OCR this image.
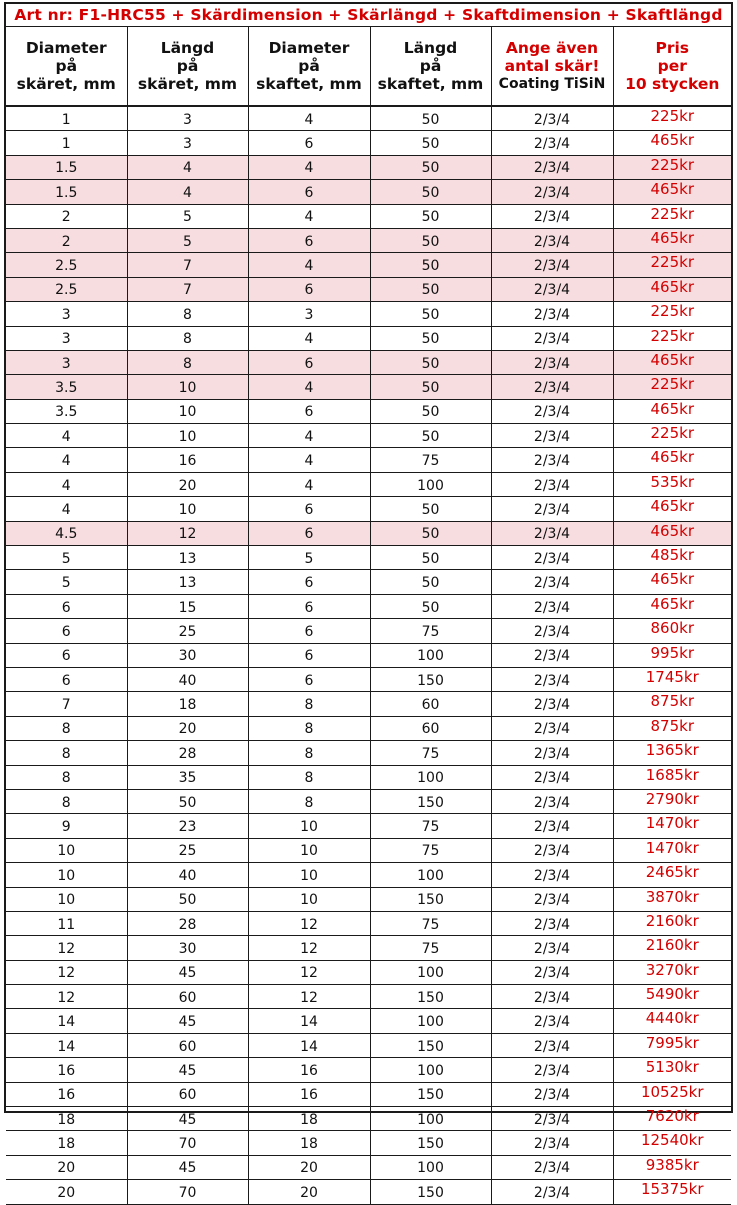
Art nr: F1-HRC55 + Skärdimension + Skärlängd + Skaftdimension + Skaftlängd
Diameter
på
skäret, mm	Längd
på
skäret, mm	Diameter
på
skaftet, mm	Längd
på
skaftet, mm	Ange även
antal skär!
Coating TiSiN	Pris
per
10 stycken

1	3	4	50	2/3/4	225kr
1	3	6	50	2/3/4	465kr
1.5	4	4	50	2/3/4	225kr
1.5	4	6	50	2/3/4	465kr
2	5	4	50	2/3/4	225kr
2	5	6	50	2/3/4	465kr
2.5	7	4	50	2/3/4	225kr
2.5	7	6	50	2/3/4	465kr
3	8	3	50	2/3/4	225kr
3	8	4	50	2/3/4	225kr
3	8	6	50	2/3/4	465kr
3.5	10	4	50	2/3/4	225kr
3.5	10	6	50	2/3/4	465kr
4	10	4	50	2/3/4	225kr
4	16	4	75	2/3/4	465kr
4	20	4	100	2/3/4	535kr
4	10	6	50	2/3/4	465kr
4.5	12	6	50	2/3/4	465kr
5	13	5	50	2/3/4	485kr
5	13	6	50	2/3/4	465kr
6	15	6	50	2/3/4	465kr
6	25	6	75	2/3/4	860kr
6	30	6	100	2/3/4	995kr
6	40	6	150	2/3/4	1745kr
7	18	8	60	2/3/4	875kr
8	20	8	60	2/3/4	875kr
8	28	8	75	2/3/4	1365kr
8	35	8	100	2/3/4	1685kr
8	50	8	150	2/3/4	2790kr
9	23	10	75	2/3/4	1470kr
10	25	10	75	2/3/4	1470kr
10	40	10	100	2/3/4	2465kr
10	50	10	150	2/3/4	3870kr
11	28	12	75	2/3/4	2160kr
12	30	12	75	2/3/4	2160kr
12	45	12	100	2/3/4	3270kr
12	60	12	150	2/3/4	5490kr
14	45	14	100	2/3/4	4440kr
14	60	14	150	2/3/4	7995kr
16	45	16	100	2/3/4	5130kr
16	60	16	150	2/3/4	10525kr
18	45	18	100	2/3/4	7620kr
18	70	18	150	2/3/4	12540kr
20	45	20	100	2/3/4	9385kr
20	70	20	150	2/3/4	15375kr
